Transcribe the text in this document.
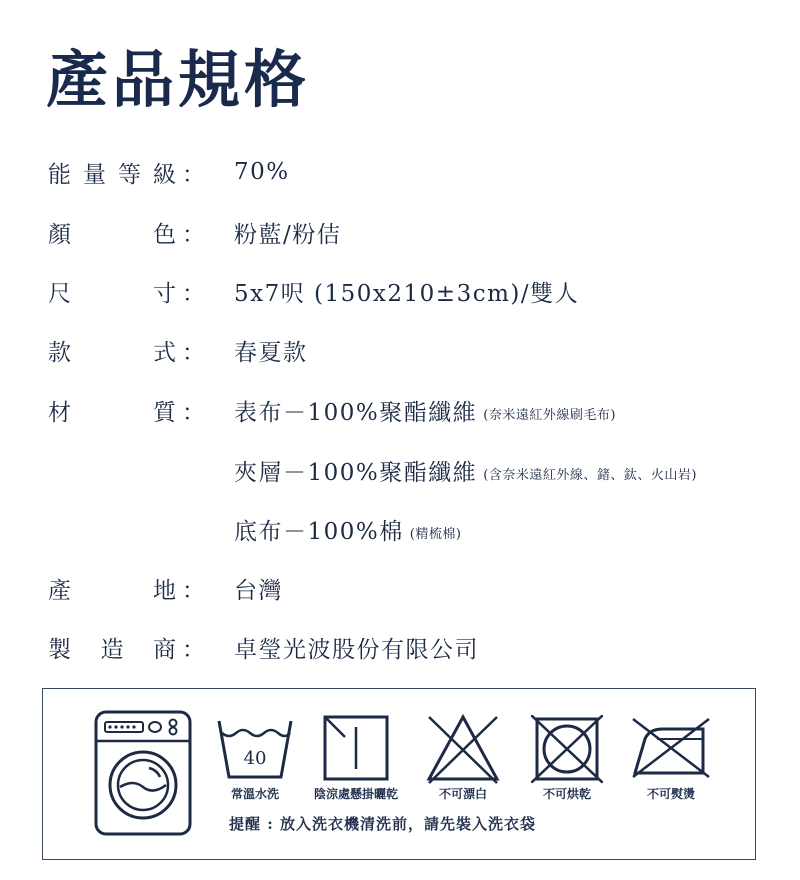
產品規格
能 量 等 級 ：	70%
顏	色 ：	粉藍/粉佶
尺	寸 ：	5x7呎 (150x210±3cm)/雙人
款	式 ：	春夏款
材	質 ：	表布－100%聚酯纖維 (奈米遠紅外線刷毛布)
夾層－100%聚酯纖維 (含奈米遠紅外線、鍺、鈦、火山岩)
底布－100%棉 (精梳棉)
產	地 ：	台灣
製 造 商 ：	卓瑩光波股份有限公司
40
常溫水洗	陰涼處懸掛曬乾	不可漂白	不可烘乾	不可熨燙
提醒 : 放入洗衣機清洗前，請先裝入洗衣袋
